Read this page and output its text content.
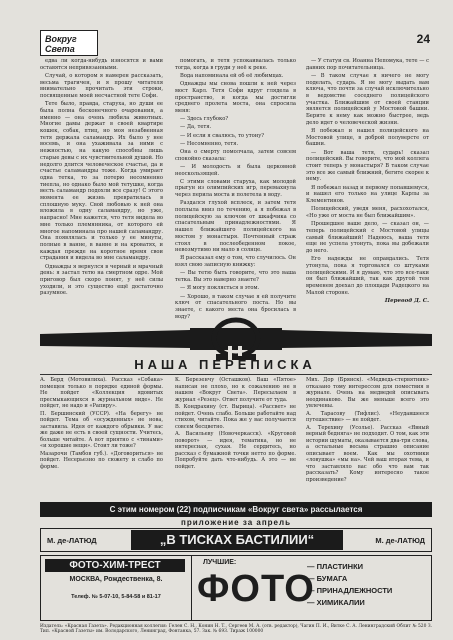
Вокруг Света
24

едва ли когда-нибудь износятся и вами оставятся непривязанными.

Случай, о котором я намерен рассказать, весьма трагичен, и я прошу читателя внимательно прочитать эти строки, посвященные моей несчастной тете Софи.

Тете было, правда, старуха, но души ее была полна бесконечного очарования, а именно — она очень любила животных. Многие дамы держат в своей квартире кошек, собак, птиц, но моя незабвенная тетя держала саламандр. Их было у нее восемь, и она ухаживала за ними с нежностью, на какую способны лишь старые девы с их чувствительной душой. Но недолго длится человеческое счастье, да и счастье саламандры тоже. Когда умирает одна тетка, то за потерю несомненно тиепла, но однако было мой тетушке, когда весть саламандр подохли все сразу! С этого момента ее жизнь превратилась в сплошную муку. Свой любовью к ней она вложила в одну саламандру, но уже, напрасно! Мне кажется, что тетя видела во мне только племянника, от которого ей многое напоминала про нашей саламандру. Она появлялась и только у ее минуты, полные в ванне, в ванне и на кроватях, и каждая прежде на коротное время свои страдания и видела во мне саламандру.

Однажды я вернулся в черный и мрачный день: я застал тетю на смертном одре. Мой приговор был скоро понят, у неё силы уходили, и это существо ещё достаточно разумное.

помогать, и тетя успокаивалась только тогда, когда в груди у неё к реке.

Вода напоминала ей об её любимцах.

Однажды мы снова пошли к ней через мост Карл. Тетя Софи вдруг глядела в пространство, и когда мы достигли среднего пролета моста, она спросила меня:

— Здесь глубоко?

— Да, тетя.

— И если я свалюсь, то утону?

— Несомненно, тетя.

Она о смерту помолчала, затем совсем спокойно сказала:

— И молодость и была церковной неоскользящей.

С этими словами старуха, как молодой прыгун из олимпийских игр, перемахнула через перила моста и полетела в воду.

Раздался глухой всплеск, и затем тетя поплыла вниз по течению, а я побежал в полицейскую за ключом от шкафчика со спасательным принадлежностями. Я нашел ближайшего полицейского на мостом у монастыря. Почтенный страж стоял в послеобеденном покое, невозмутимо ни мало в солнце.

Я рассказал ему о том, что случилось. Он взял свою записную книжку:

— Вы тетю быть говорите, что это ваша тетка. Вы это наверно знаете?

— Я могу поклясться в этом.

— Хорошо, в таком случае я ей получите ключ от спасательного поста. Но вы знаете, с какого места она бросилась в воду?

— У статуи св. Иоанна Непомука, тете — с давних пор почитательница.

— В таком случае я ничего не могу поделать, сударь. Я не могу выдать вам ключа, что почти за случай исключительно в ведомстве соседнего полицейского участка. Ближайшим от своей станции является полицейский у Мостовой башни. Берите к нему как можно быстрее, ведь дело идет о человеческой жизни.

Я побежал и нашел полицейского на Мостовой улице, в доброй полуверсте от башни.

— Вот ваша тетя, сударь! сказал полицейский. Вы говорите, что мой коллега стоит теперь у монастыря? В таком случае это все же самый ближний, бегите скорее к нему.

Я побежал назад и первому попавшемуся, и нашел его только на улице Карлы за Клементинов.

Полицейский, уведя меня, расхохотался, «Но уже от моста не был ближайшим».

Прошедшее ваше дело, — сказал он, — теперь полицейский с Мостовой улицы самый ближайший! Надеюсь, ваша тетя еще не успела утонуть, пока вы добежали до него.

Его надежды не оправдались. Тетя утонула, пока я торговался со штуками полицейскими. И я думаю, что это все-таки он был ближайший, так как другой тем временем доехал до площади Радецкого на Малой стороне.

Перевод Д. С.
НАША ПЕРЕПИСКА

А. Берд (Мотовилиха). Рассказ «Собака» помещен только в порядке единой формы. Не пойдет «Коллекция ядовитых пресмыкающихся в журнальном виде». Не пойдет, не надо и «Рапиру».

П. Бершинский (УССР). «На берегу» не пойдет. Тема об «осужденных» не нова, заставила. Идея от каждого обрывки. У вас же даже не есть в своей сущности. Учитесь, больше читайте. А вот приятно с «тинами» «и хорошие вещи». Стоит ли тоже?

Мазарочи (Тамбов губ.). «Договориться» не пойдет. Несерьезно по сюжету и слабо по форме.

К. Березенчу (Осташков). Ваш «Пятое» написан не плохо, но к сожалению не в нашем «Вокруг Света». Пересылаем в журнал «Резец». Ответ получите от туда.

В. Кондрахину (ст. Вырица). «Рассвет» не пойдет. Очень слабо. Больше работайте над стихом, читайте. Пока же у вас получается совсем бесцветно.

А. Васильеву (Новочеркасск). «Круговой поворот» — идея, тематика, но не интересная, сухая. Не сердитесь, но рассказ с бумажной точки нетто по форме. Попробуйте дать что-нибудь. А это — не пойдет.

Мих. Дор (Брянск). «Медведь-стервятник» отказано тому интерессом для помествия в журнале. Очень на медведей описывать неодинаково. Вы же меньше всего это увлечены.

А. Тарасову (Тифлис). «Неудавшееся путешествие» — не пойдет.

А. Терехину (Усолье). Рассказ «Явный верный бедняга» не подходит. О том, как эти истории шуматы, оказывается два-три слова, а остальные весьма страшно описание описывает воем. Как мы охотники «ловушка» «мы на». Чей ваш вторая тема, и что заставляло вас обо что вам так рассказать? Кому интересно такое произведение?

С этим номером (22) подписчикам «Вокруг света» рассылается
приложение за апрель
М. де-ЛАТЮД	„В ТИСКАХ БАСТИЛИИ“	М. де-ЛАТЮД
ФОТО-ХИМ-ТРЕСТ
МОСКВА, Рождественка, 8.
Телеф. № 5-07-10, 5-84-58 и 81-17
ЛУЧШИЕ:
ФОТО
— ПЛАСТИНКИ
— БУМАГА
— ПРИНАДЛЕЖНОСТИ
— ХИМИКАЛИИ
Издатель: «Красная Газета». Редакционная коллегия: Гелен С. Н., Конин Н. Т., Сергеев М. А. (отв. редактор), Чагин П. И., Витке С. А. Ленинградский Облит № 520 З. Тип. «Красной Газеты» им. Володарского, Ленинград, Фонтанка, 57. Зак. № 693. Тираж 100000
